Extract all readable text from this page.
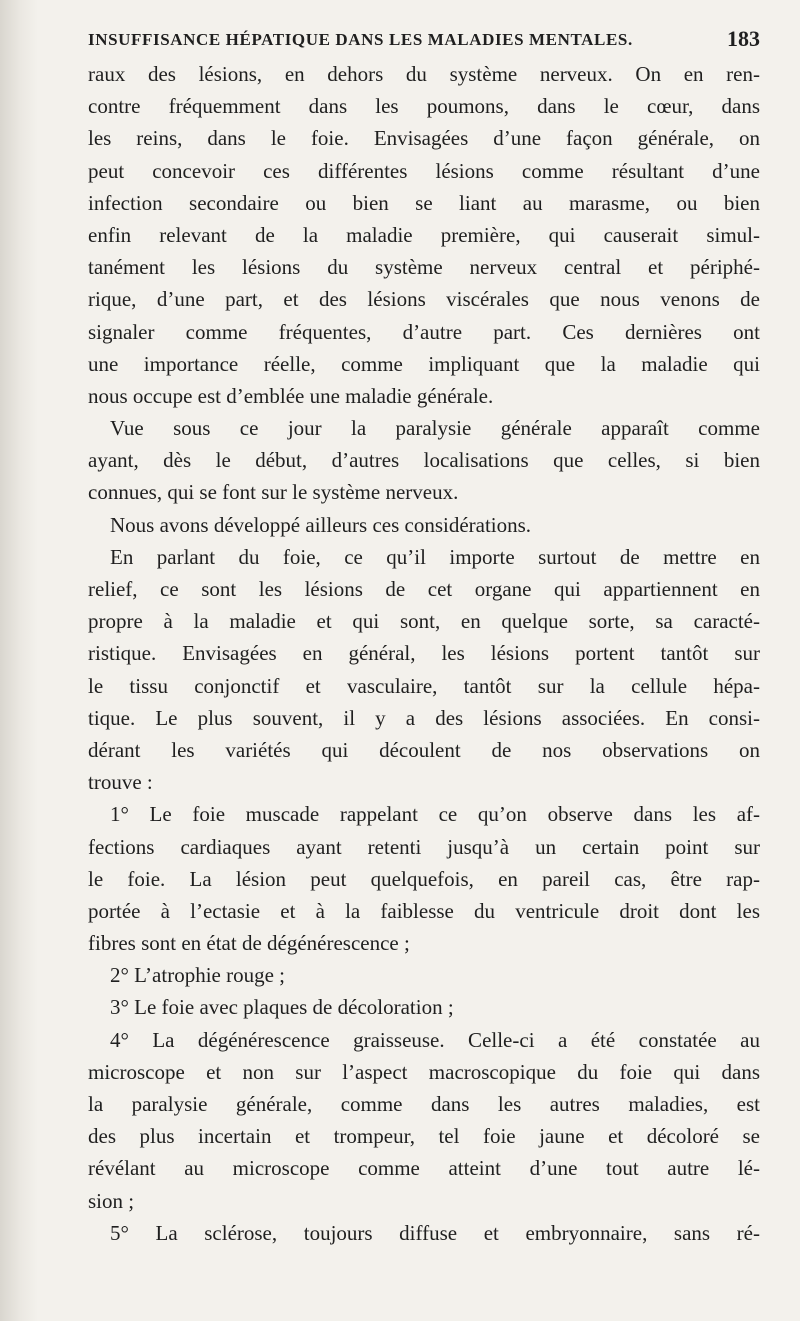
INSUFFISANCE HÉPATIQUE DANS LES MALADIES MENTALES.	183
raux des lésions, en dehors du système nerveux. On en ren-
contre fréquemment dans les poumons, dans le cœur, dans
les reins, dans le foie. Envisagées d’une façon générale, on
peut concevoir ces différentes lésions comme résultant d’une
infection secondaire ou bien se liant au marasme, ou bien
enfin relevant de la maladie première, qui causerait simul-
tanément les lésions du système nerveux central et périphé-
rique, d’une part, et des lésions viscérales que nous venons de
signaler comme fréquentes, d’autre part. Ces dernières ont
une importance réelle, comme impliquant que la maladie qui
nous occupe est d’emblée une maladie générale.
Vue sous ce jour la paralysie générale apparaît comme
ayant, dès le début, d’autres localisations que celles, si bien
connues, qui se font sur le système nerveux.
Nous avons développé ailleurs ces considérations.
En parlant du foie, ce qu’il importe surtout de mettre en
relief, ce sont les lésions de cet organe qui appartiennent en
propre à la maladie et qui sont, en quelque sorte, sa caracté-
ristique. Envisagées en général, les lésions portent tantôt sur
le tissu conjonctif et vasculaire, tantôt sur la cellule hépa-
tique. Le plus souvent, il y a des lésions associées. En consi-
dérant les variétés qui découlent de nos observations on
trouve :
1° Le foie muscade rappelant ce qu’on observe dans les af-
fections cardiaques ayant retenti jusqu’à un certain point sur
le foie. La lésion peut quelquefois, en pareil cas, être rap-
portée à l’ectasie et à la faiblesse du ventricule droit dont les
fibres sont en état de dégénérescence ;
2° L’atrophie rouge ;
3° Le foie avec plaques de décoloration ;
4° La dégénérescence graisseuse. Celle-ci a été constatée au
microscope et non sur l’aspect macroscopique du foie qui dans
la paralysie générale, comme dans les autres maladies, est
des plus incertain et trompeur, tel foie jaune et décoloré se
révélant au microscope comme atteint d’une tout autre lé-
sion ;
5° La sclérose, toujours diffuse et embryonnaire, sans ré-
